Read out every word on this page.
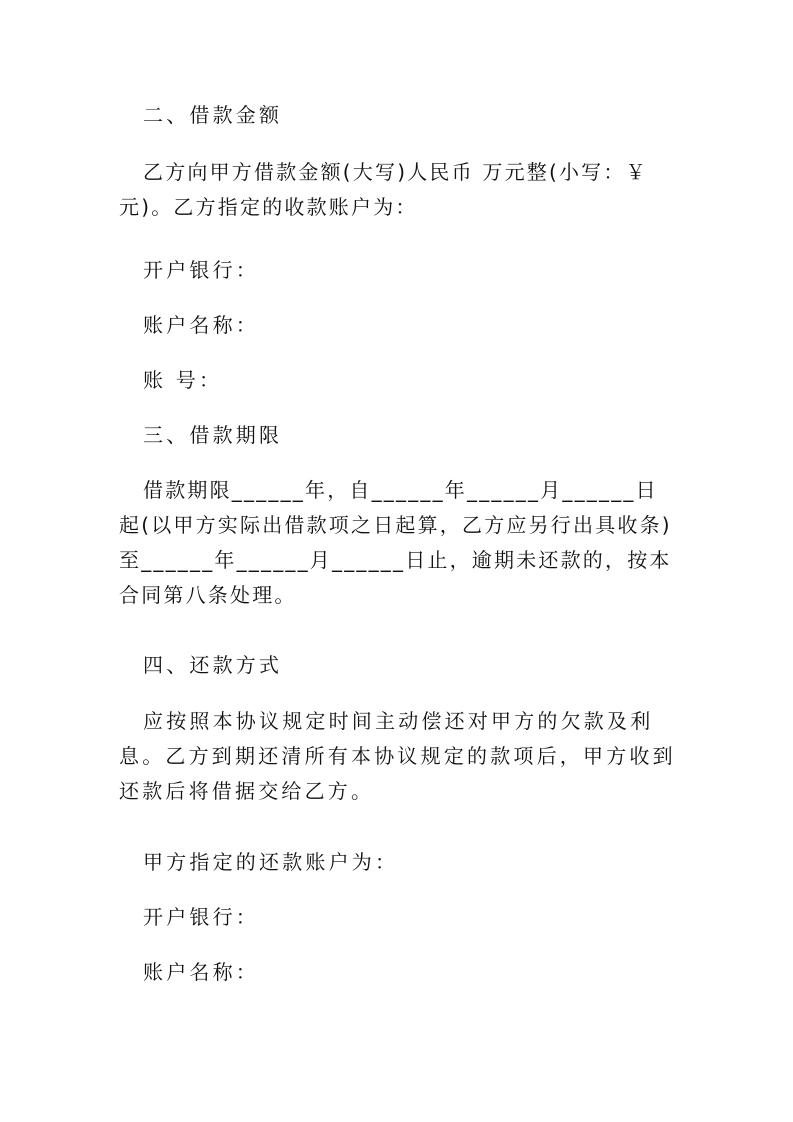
二、借款金额

乙方向甲方借款金额(大写)人民币 万元整(小写：￥ 元)。乙方指定的收款账户为：

开户银行：

账户名称：

账 号：

三、借款期限

借款期限______年，自______年______月______日起(以甲方实际出借款项之日起算，乙方应另行出具收条)至______年______月______日止，逾期未还款的，按本合同第八条处理。

四、还款方式

应按照本协议规定时间主动偿还对甲方的欠款及利息。乙方到期还清所有本协议规定的款项后，甲方收到还款后将借据交给乙方。

甲方指定的还款账户为：

开户银行：

账户名称：
